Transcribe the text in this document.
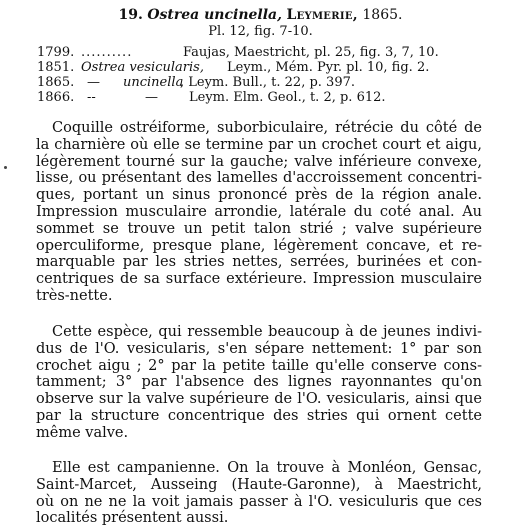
19. Ostrea uncinella, Leymerie, 1865.
Pl. 12, fig. 7-10.
1799. ..........	Faujas, Maestricht, pl. 25, fig. 3, 7, 10.
1851. Ostrea vesicularis, Leym., Mém. Pyr. pl. 10, fig. 2.
1865. — uncinella
, Leym. Bull., t. 22, p. 397.
1866. --	— Leym. Elm. Geol., t. 2, p. 612.
Coquille ostréiforme, suborbiculaire, rétrécie du côté de
la charnière où elle se termine par un crochet court et aigu,
légèrement tourné sur la gauche; valve inférieure convexe,
lisse, ou présentant des lamelles d'accroissement concentri-
ques, portant un sinus prononcé près de la région anale.
Impression musculaire arrondie, latérale du coté anal. Au
sommet se trouve un petit talon strié ; valve supérieure
operculiforme, presque plane, légèrement concave, et re-
marquable par les stries nettes, serrées, burinées et con-
centriques de sa surface extérieure. Impression musculaire
très-nette.
Cette espèce, qui ressemble beaucoup à de jeunes indivi-
dus de l'O. vesicularis, s'en sépare nettement: 1° par son
crochet aigu ; 2° par la petite taille qu'elle conserve cons-
tamment; 3° par l'absence des lignes rayonnantes qu'on
observe sur la valve supérieure de l'O. vesicularis, ainsi que
par la structure concentrique des stries qui ornent cette
même valve.
Elle est campanienne. On la trouve à Monléon, Gensac,
Saint-Marcet, Ausseing (Haute-Garonne), à Maestricht,
où on ne ne la voit jamais passer à l'O. vesiculuris que ces
localités présentent aussi.
